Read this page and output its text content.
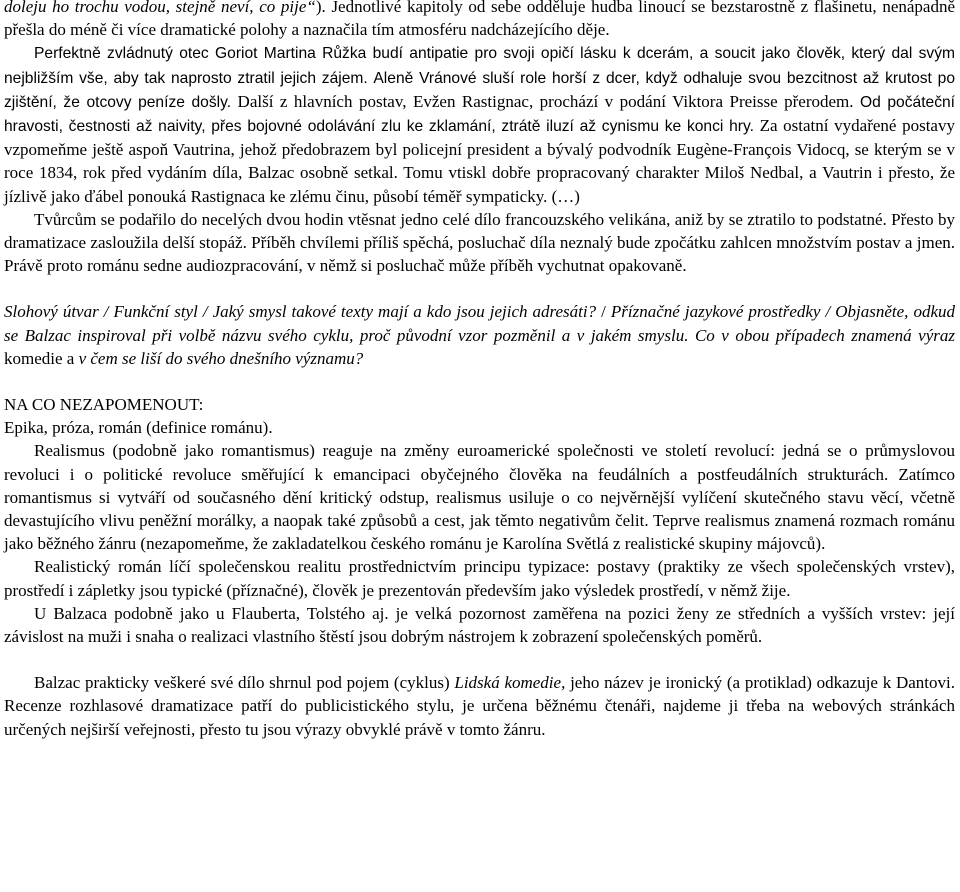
doleju ho trochu vodou, stejně neví, co pije“). Jednotlivé kapitoly od sebe odděluje hudba linoucí se bezstarostně z flašinetu, nenápadně přešla do méně či více dramatické polohy a naznačila tím atmosféru nadcházejícího děje.

Perfektně zvládnutý otec Goriot Martina Růžka budí antipatie pro svoji opičí lásku k dcerám, a soucit jako člověk, který dal svým nejbližším vše, aby tak naprosto ztratil jejich zájem. Aleně Vránové sluší role horší z dcer, když odhaluje svou bezcitnost až krutost po zjištění, že otcovy peníze došly. Další z hlavních postav, Evžen Rastignac, prochází v podání Viktora Preisse přerodem. Od počáteční hravosti, čestnosti až naivity, přes bojovné odolávání zlu ke zklamání, ztrátě iluzí až cynismu ke konci hry. Za ostatní vydařené postavy vzpomeňme ještě aspoň Vautrina, jehož předobrazem byl policejní president a bývalý podvodník Eugène-François Vidocq, se kterým se v roce 1834, rok před vydáním díla, Balzac osobně setkal. Tomu vtiskl dobře propracovaný charakter Miloš Nedbal, a Vautrin i přesto, že jízlivě jako ďábel ponouká Rastignaca ke zlému činu, působí téměř sympaticky. (…)

Tvůrcům se podařilo do necelých dvou hodin vtěsnat jedno celé dílo francouzského velikána, aniž by se ztratilo to podstatné. Přesto by dramatizace zasloužila delší stopáž. Příběh chvílemi příliš spěchá, posluchač díla neznalý bude zpočátku zahlcen množstvím postav a jmen. Právě proto románu sedne audiozpracování, v němž si posluchač může příběh vychutnat opakovaně.

Slohový útvar / Funkční styl / Jaký smysl takové texty mají a kdo jsou jejich adresáti? / Příznačné jazykové prostředky / Objasněte, odkud se Balzac inspiroval při volbě názvu svého cyklu, proč původní vzor pozměnil a v jakém smyslu. Co v obou případech znamená výraz komedie a v čem se liší do svého dnešního významu?

NA CO NEZAPOMENOUT:

Epika, próza, román (definice románu).

Realismus (podobně jako romantismus) reaguje na změny euroamerické společnosti ve století revolucí: jedná se o průmyslovou revoluci i o politické revoluce směřující k emancipaci obyčejného člověka na feudálních a postfeudálních strukturách. Zatímco romantismus si vytváří od současného dění kritický odstup, realismus usiluje o co nejvěrnější vylíčení skutečného stavu věcí, včetně devastujícího vlivu peněžní morálky, a naopak také způsobů a cest, jak těmto negativům čelit. Teprve realismus znamená rozmach románu jako běžného žánru (nezapomeňme, že zakladatelkou českého románu je Karolína Světlá z realistické skupiny májovců).

Realistický román líčí společenskou realitu prostřednictvím principu typizace: postavy (praktiky ze všech společenských vrstev), prostředí i zápletky jsou typické (příznačné), člověk je prezentován především jako výsledek prostředí, v němž žije.

U Balzaca podobně jako u Flauberta, Tolstého aj. je velká pozornost zaměřena na pozici ženy ze středních a vyšších vrstev: její závislost na muži i snaha o realizaci vlastního štěstí jsou dobrým nástrojem k zobrazení společenských poměrů.

Balzac prakticky veškeré své dílo shrnul pod pojem (cyklus) Lidská komedie, jeho název je ironický (a protiklad) odkazuje k Dantovi. Recenze rozhlasové dramatizace patří do publicistického stylu, je určena běžnému čtenáři, najdeme ji třeba na webových stránkách určených nejširší veřejnosti, přesto tu jsou výrazy obvyklé právě v tomto žánru.
